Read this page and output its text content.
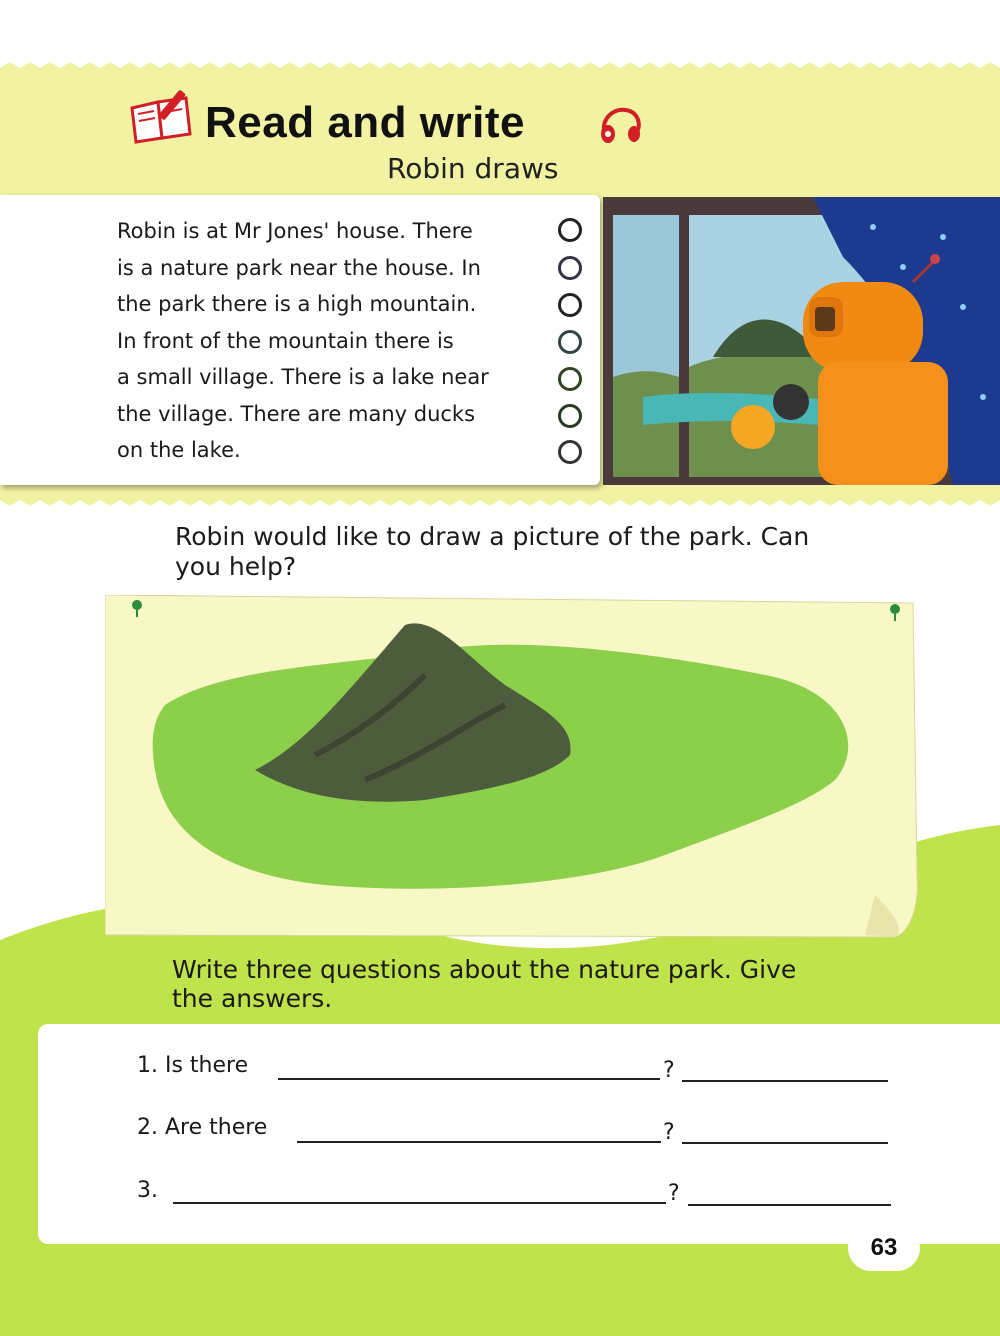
Read and write
Robin draws

Robin is at Mr Jones' house. There

is a nature park near the house. In

the park there is a high mountain.

In front of the mountain there is

a small village. There is a lake near

the village. There are many ducks

on the lake.

Robin would like to draw a picture of the park. Can
you help?
Write three questions about the nature park. Give
the answers.
1. Is there	?
2. Are there	?
3.	?
63
